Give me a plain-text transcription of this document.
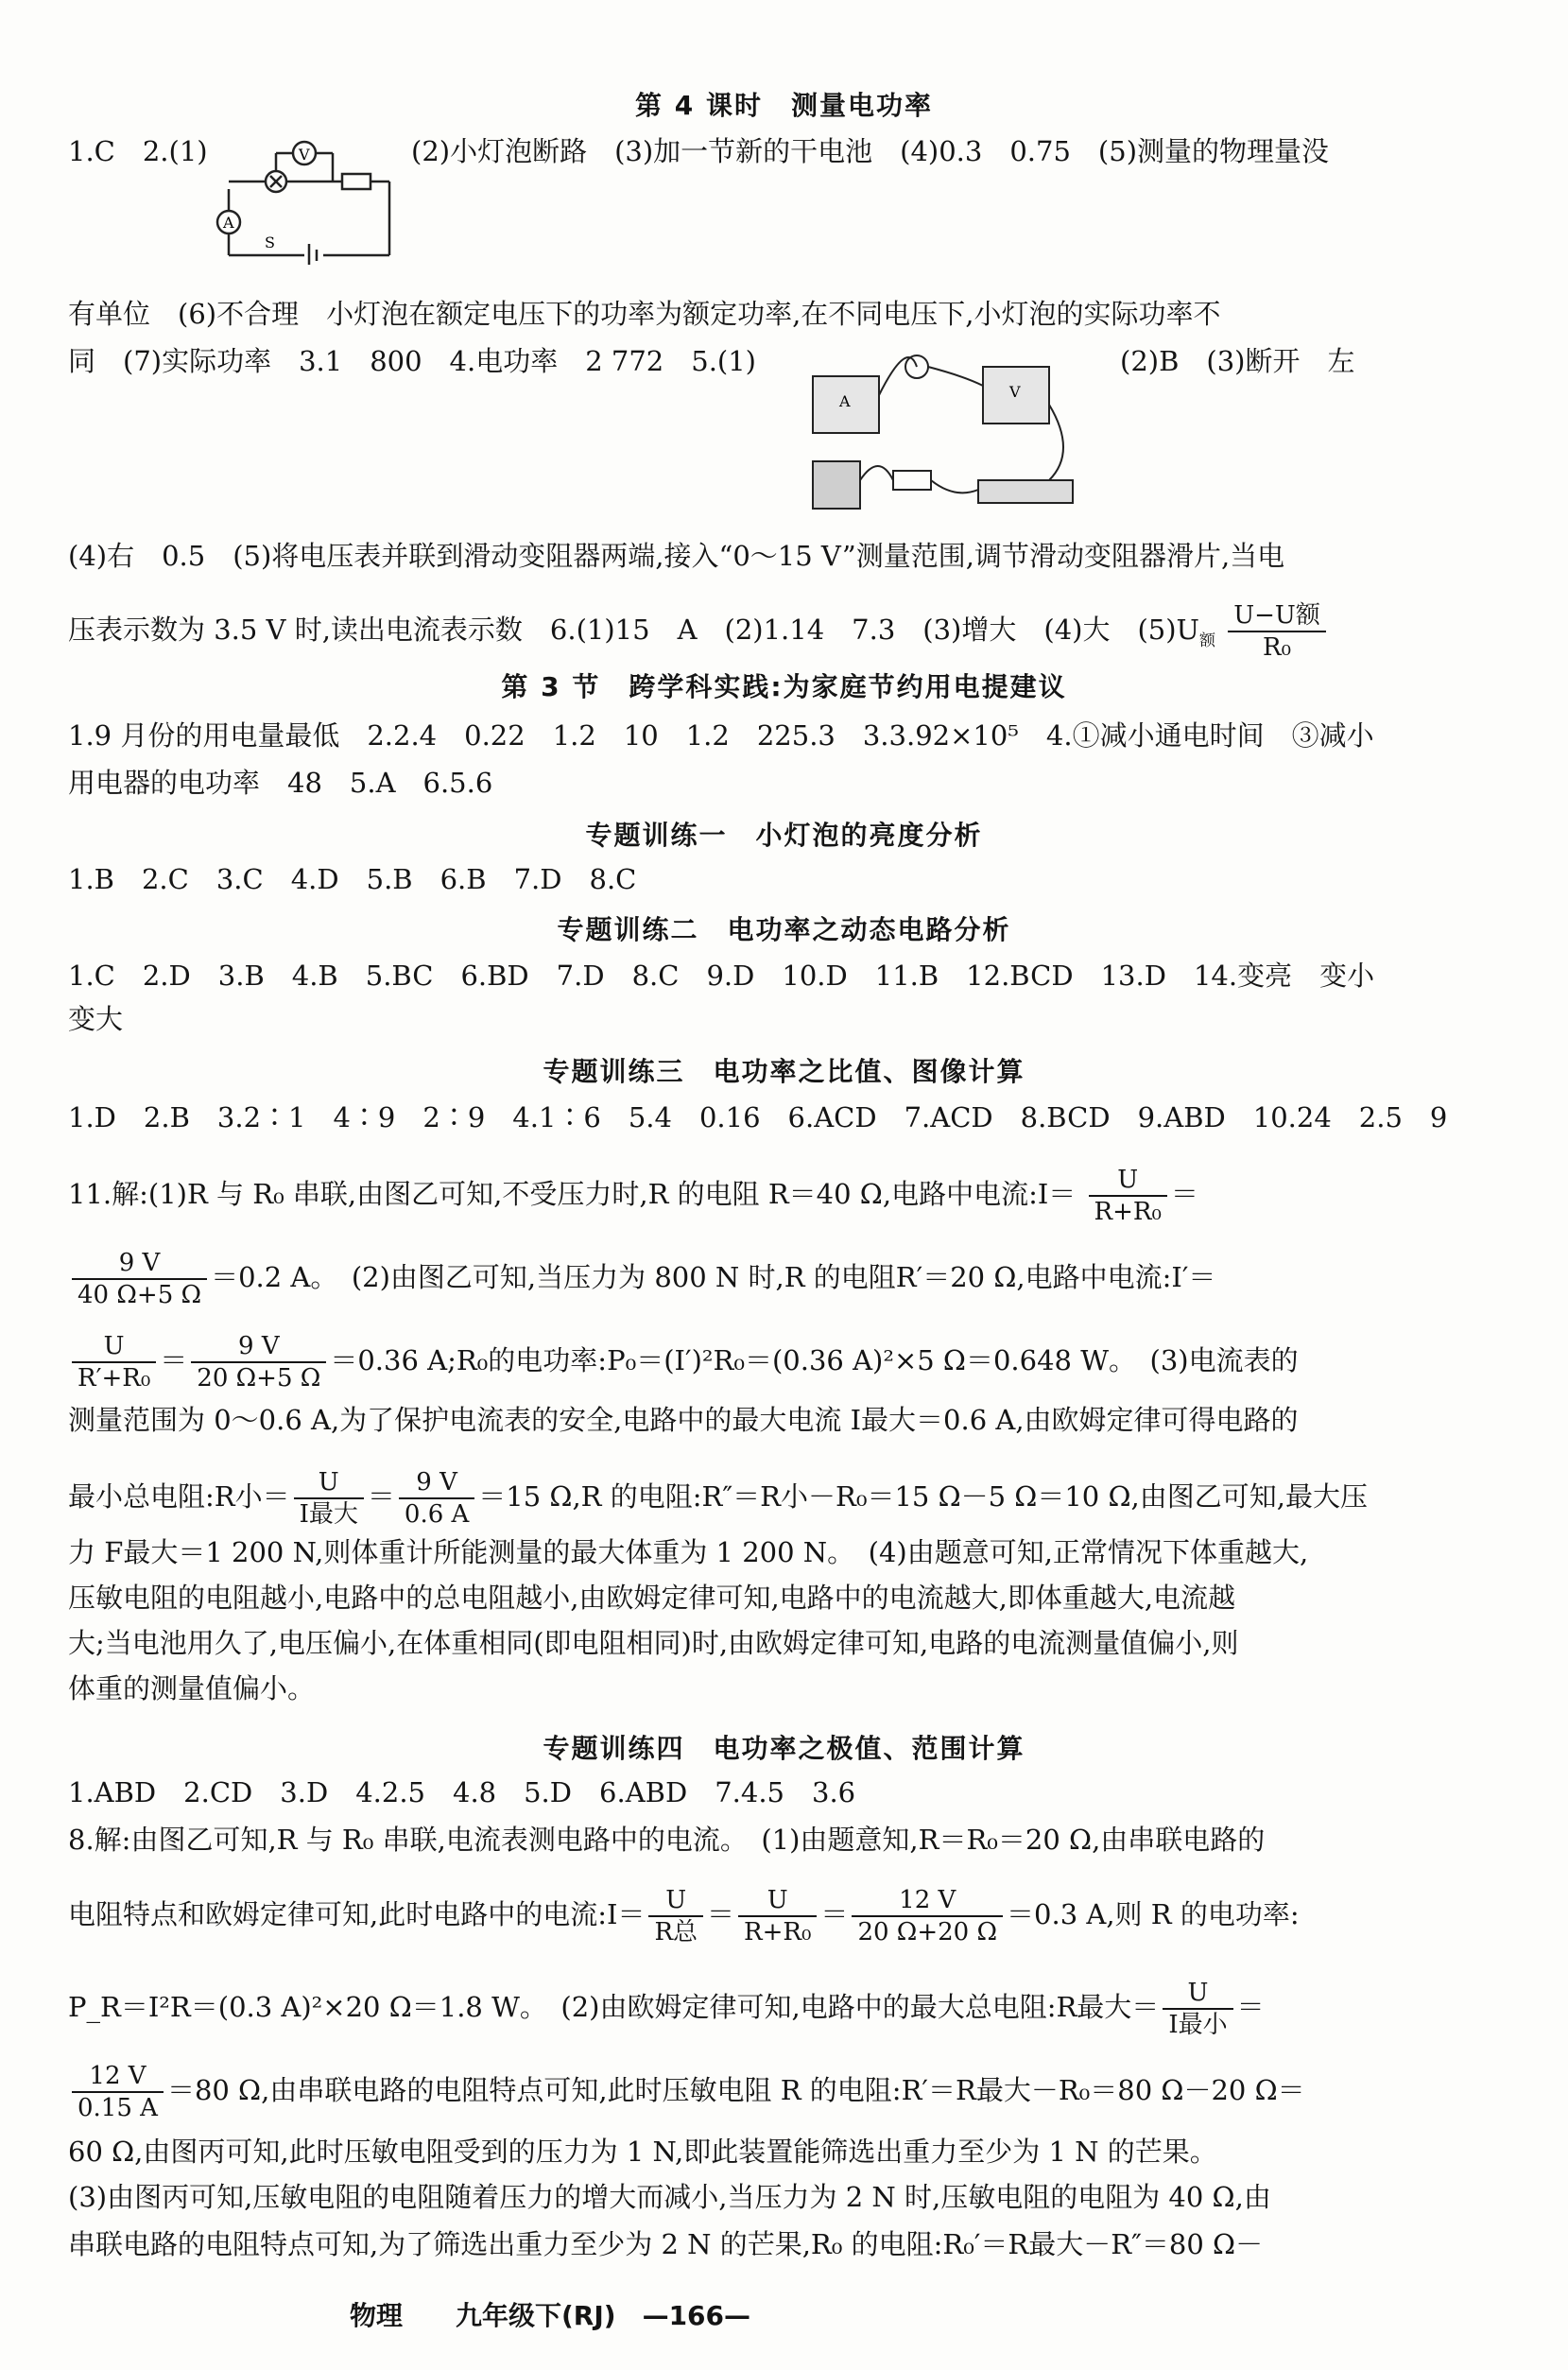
第 4 课时　测量电功率
1.C　2.(1)	V
A
S
(2)小灯泡断路　(3)加一节新的干电池　(4)0.3　0.75　(5)测量的物理量没
有单位　(6)不合理　小灯泡在额定电压下的功率为额定功率,在不同电压下,小灯泡的实际功率不
同　(7)实际功率　3.1　800　4.电功率　2 772　5.(1)
A
V
(2)B　(3)断开　左
(4)右　0.5　(5)将电压表并联到滑动变阻器两端,接入“0～15 V”测量范围,调节滑动变阻器滑片,当电
压表示数为 3.5 V 时,读出电流表示数　6.(1)15　A　(2)1.14　7.3　(3)增大　(4)大　$(5)U_额 \frac{\text{U−U额}}{\text{R₀}}$
第 3 节　跨学科实践:为家庭节约用电提建议
1.9 月份的用电量最低　2.2.4　0.22　1.2　10　1.2　225.3　3.3.92×10⁵　4.①减小通电时间　③减小
用电器的电功率　48　5.A　6.5.6
专题训练一　小灯泡的亮度分析
1.B　2.C　3.C　4.D　5.B　6.B　7.D　8.C
专题训练二　电功率之动态电路分析
1.C　2.D　3.B　4.B　5.BC　6.BD　7.D　8.C　9.D　10.D　11.B　12.BCD　13.D　14.变亮　变小
变大
专题训练三　电功率之比值、图像计算
1.D　2.B　3.2∶1　4∶9　2∶9　4.1∶6　5.4　0.16　6.ACD　7.ACD　8.BCD　9.ABD　10.24　2.5　9
11.解:(1)R 与 R₀ 串联,由图乙可知,不受压力时,R 的电阻 R＝40 Ω,电路中电流:I＝ $\frac{U}{\text{R+R₀}}$ ＝
$\frac{9 V}{40 \Omega+5 \Omega} =0.2$ A。　(2)由图乙可知,当压力为 800 N 时,R 的电阻R′＝20 Ω,电路中电流:I′＝
$\frac{U}{\text{R′+R₀}} = \frac{9 V}{20 \Omega+5 \Omega} =0.36$ A;R₀的电功率:P₀＝(I′)²R₀＝(0.36 A)²×5 Ω＝0.648 W。　(3)电流表的
测量范围为 0～0.6 A,为了保护电流表的安全,电路中的最大电流 I最大＝0.6 A,由欧姆定律可得电路的
最小总电阻:R小＝ $\frac{U}{\text{I最大}} = \frac{9 V}{0.6 A} =15$ Ω,R 的电阻:R″＝R小－R₀＝15 Ω－5 Ω＝10 Ω,由图乙可知,最大压
力 F最大＝1 200 N,则体重计所能测量的最大体重为 1 200 N。　(4)由题意可知,正常情况下体重越大,
压敏电阻的电阻越小,电路中的总电阻越小,由欧姆定律可知,电路中的电流越大,即体重越大,电流越
大;当电池用久了,电压偏小,在体重相同(即电阻相同)时,由欧姆定律可知,电路的电流测量值偏小,则
体重的测量值偏小。
专题训练四　电功率之极值、范围计算
1.ABD　2.CD　3.D　4.2.5　4.8　5.D　6.ABD　7.4.5　3.6
8.解:由图乙可知,R 与 R₀ 串联,电流表测电路中的电流。　(1)由题意知,R＝R₀＝20 Ω,由串联电路的
电阻特点和欧姆定律可知,此时电路中的电流:I＝ $\frac{U}{\text{R总}} = \frac{U}{\text{R+R₀}} = \frac{12 V}{20 \Omega+20 \Omega} =0.3$ A,则 R 的电功率:
P_R＝I²R＝(0.3 A)²×20 Ω＝1.8 W。　(2)由欧姆定律可知,电路中的最大总电阻:R最大＝ $\frac{U}{\text{I最小}}$ ＝
$\frac{12 V}{0.15 A} =80$ Ω,由串联电路的电阻特点可知,此时压敏电阻 R 的电阻:R′＝R最大－R₀＝80 Ω－20 Ω＝
60 Ω,由图丙可知,此时压敏电阻受到的压力为 1 N,即此装置能筛选出重力至少为 1 N 的芒果。
(3)由图丙可知,压敏电阻的电阻随着压力的增大而减小,当压力为 2 N 时,压敏电阻的电阻为 40 Ω,由
串联电路的电阻特点可知,为了筛选出重力至少为 2 N 的芒果,R₀ 的电阻:R₀′＝R最大－R″＝80 Ω－
物理　　九年级下(RJ)　—166—
